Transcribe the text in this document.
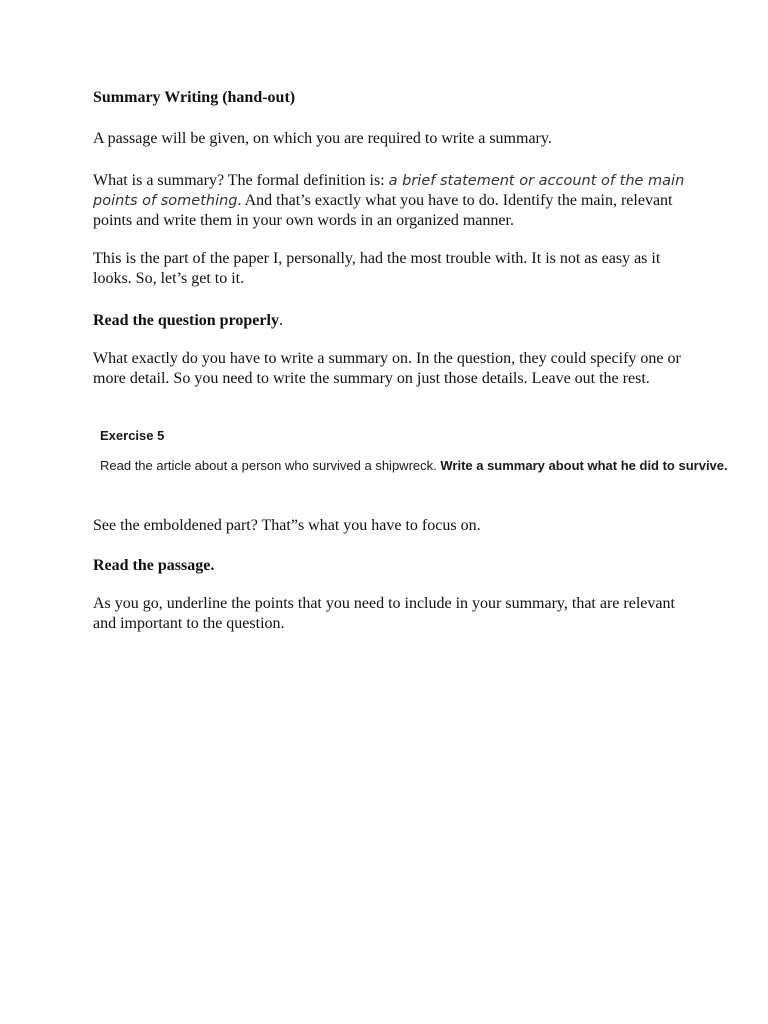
Summary Writing (hand-out)

A passage will be given, on which you are required to write a summary.

What is a summary? The formal definition is: a brief statement or account of the main points of something. And that’s exactly what you have to do. Identify the main, relevant points and write them in your own words in an organized manner.

This is the part of the paper I, personally, had the most trouble with. It is not as easy as it looks. So, let’s get to it.

Read the question properly.

What exactly do you have to write a summary on. In the question, they could specify one or more detail. So you need to write the summary on just those details. Leave out the rest.

Exercise 5

Read the article about a person who survived a shipwreck. Write a summary about what he did to survive.

See the emboldened part? That”s what you have to focus on.

Read the passage.

As you go, underline the points that you need to include in your summary, that are relevant and important to the question.
